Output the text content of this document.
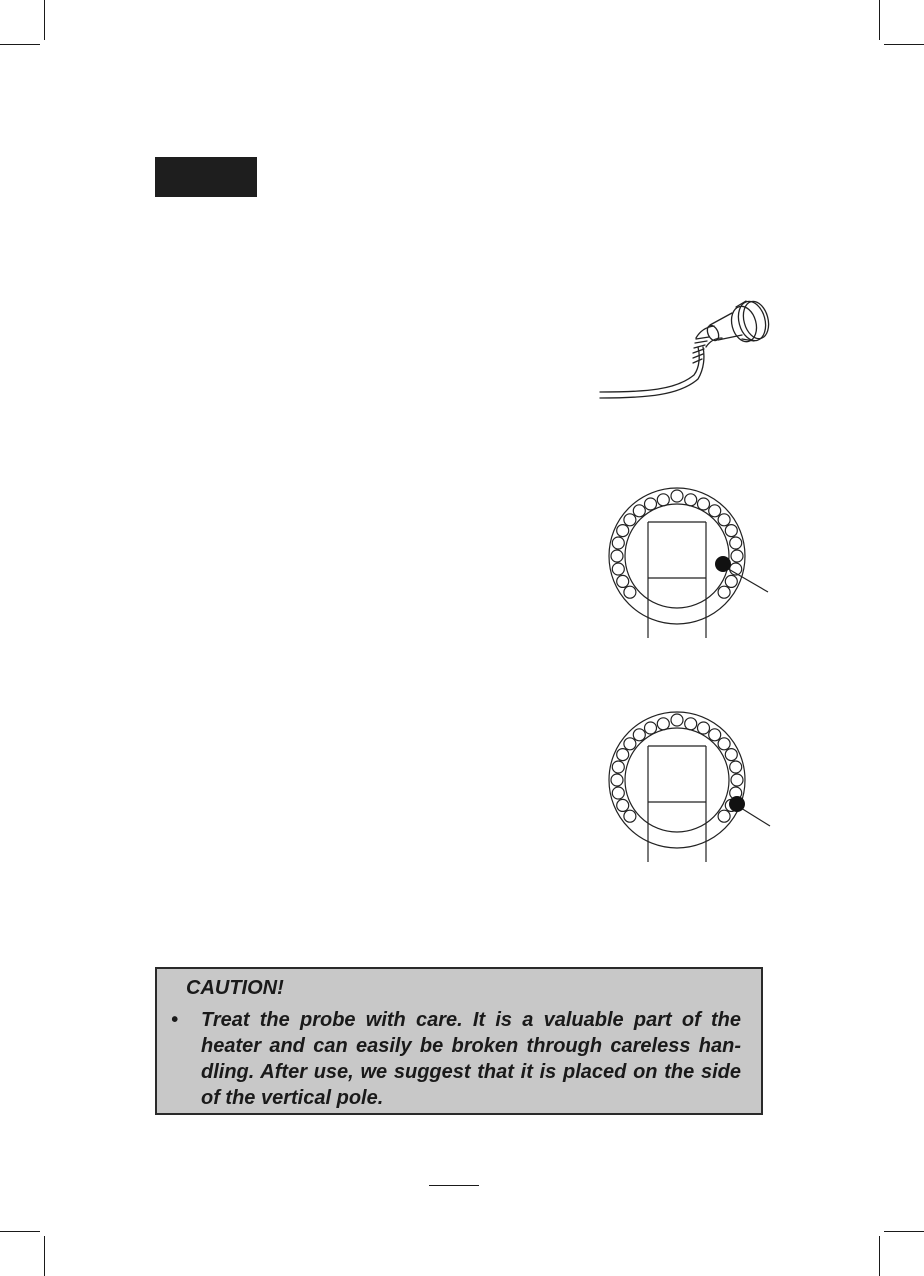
CAUTION!
• Treat the probe with care. It is a valuable part of the heater and can easily be broken through careless han-dling. After use, we suggest that it is placed on the side of the vertical pole.
